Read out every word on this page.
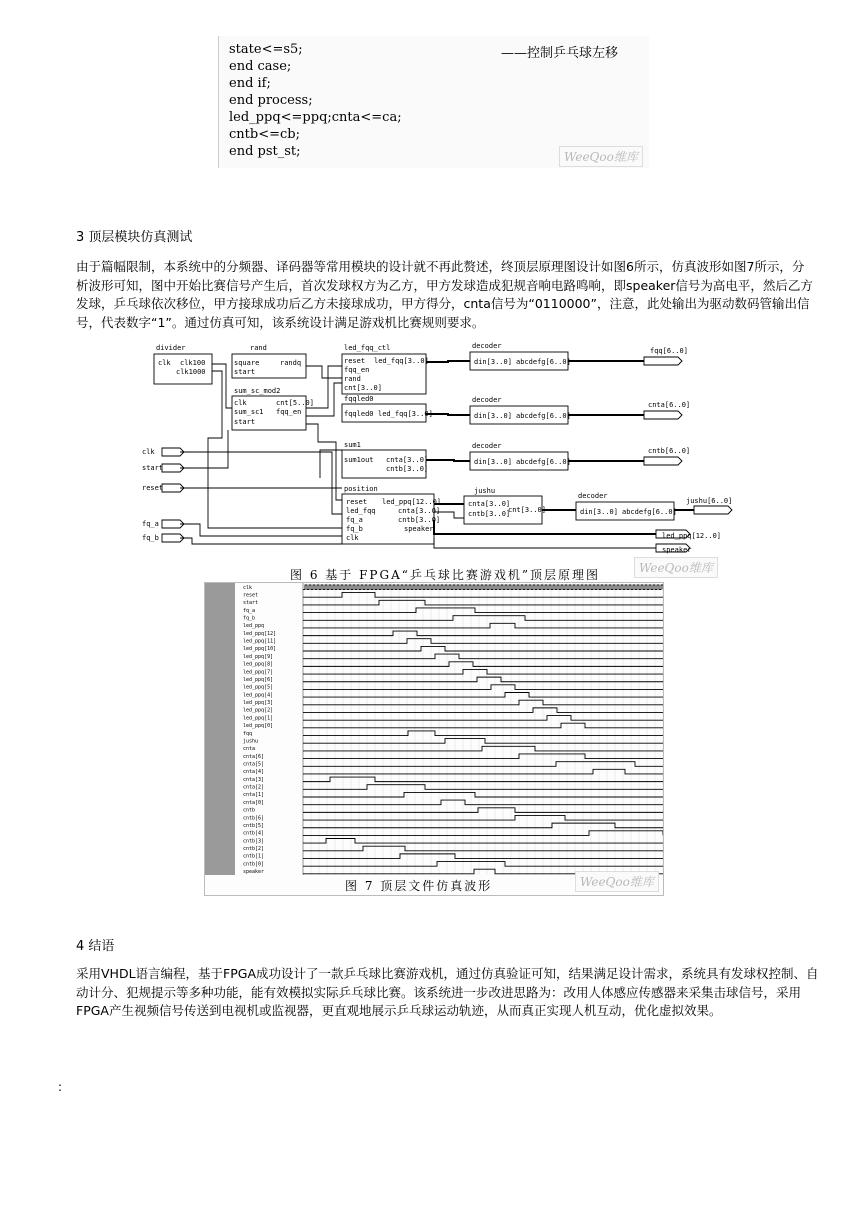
state<=s5;
end case;
end if;
end process;
led_ppq<=ppq;cnta<=ca;
cntb<=cb;
end pst_st;
——控制乒乓球左移
WeeQoo维库
3 顶层模块仿真测试
由于篇幅限制，本系统中的分频器、译码器等常用模块的设计就不再此赘述，终顶层原理图设计如图6所示，仿真波形如图7所示，分析波形可知，图中开始比赛信号产生后，首次发球权方为乙方，甲方发球造成犯规音响电路鸣响，即speaker信号为高电平，然后乙方发球，乒乓球依次移位，甲方接球成功后乙方未接球成功，甲方得分，cnta信号为“0110000”，注意，此处输出为驱动数码管输出信号，代表数字“1”。通过仿真可知，该系统设计满足游戏机比赛规则要求。
divider
clk clk100
clk1000
rand
square	randq
start
sum_sc_mod2
clk	cnt[5..0]
sum_sc1 fqq_en
start
led_fqq_ctl
reset led_fqq[3..0]
fqq_en
rand
cnt[3..0]
fqqled0
fqqled0 led_fqq[3..0]
sum1
sum1out cnta[3..0]
cntb[3..0]
position
reset
led_fqq
fq_a
fq_b
clk
led_ppq[12..0]
cnta[3..0]
cntb[3..0]
speaker
jushu
cnta[3..0]
cntb[3..0]
cnt[3..0]
decoder
din[3..0] abcdefg[6..0]
decoder
din[3..0] abcdefg[6..0]
decoder
din[3..0] abcdefg[6..0]
decoder
din[3..0] abcdefg[6..0]
clk
start
reset
fq_a
fq_b
fqq[6..0]
cnta[6..0]
cntb[6..0]
jushu[6..0]
led_ppq[12..0]
speaker
图 6 基于 FPGA“乒乓球比赛游戏机”顶层原理图	WeeQoo维库
clk
reset
start
fq_a
fq_b
led_ppq
led_ppq[12]
led_ppq[11]
led_ppq[10]
led_ppq[9]
led_ppq[8]
led_ppq[7]
led_ppq[6]
led_ppq[5]
led_ppq[4]
led_ppq[3]
led_ppq[2]
led_ppq[1]
led_ppq[0]
fqq
jushu
cnta
cnta[6]
cnta[5]
cnta[4]
cnta[3]
cnta[2]
cnta[1]
cnta[0]
cntb
cntb[6]
cntb[5]
cntb[4]
cntb[3]
cntb[2]
cntb[1]
cntb[0]
speaker
图 7 顶层文件仿真波形	WeeQoo维库
4 结语
采用VHDL语言编程，基于FPGA成功设计了一款乒乓球比赛游戏机，通过仿真验证可知，结果满足设计需求，系统具有发球权控制、自动计分、犯规提示等多种功能，能有效模拟实际乒乓球比赛。该系统进一步改进思路为：改用人体感应传感器来采集击球信号，采用FPGA产生视频信号传送到电视机或监视器，更直观地展示乒乓球运动轨迹，从而真正实现人机互动，优化虚拟效果。
:
